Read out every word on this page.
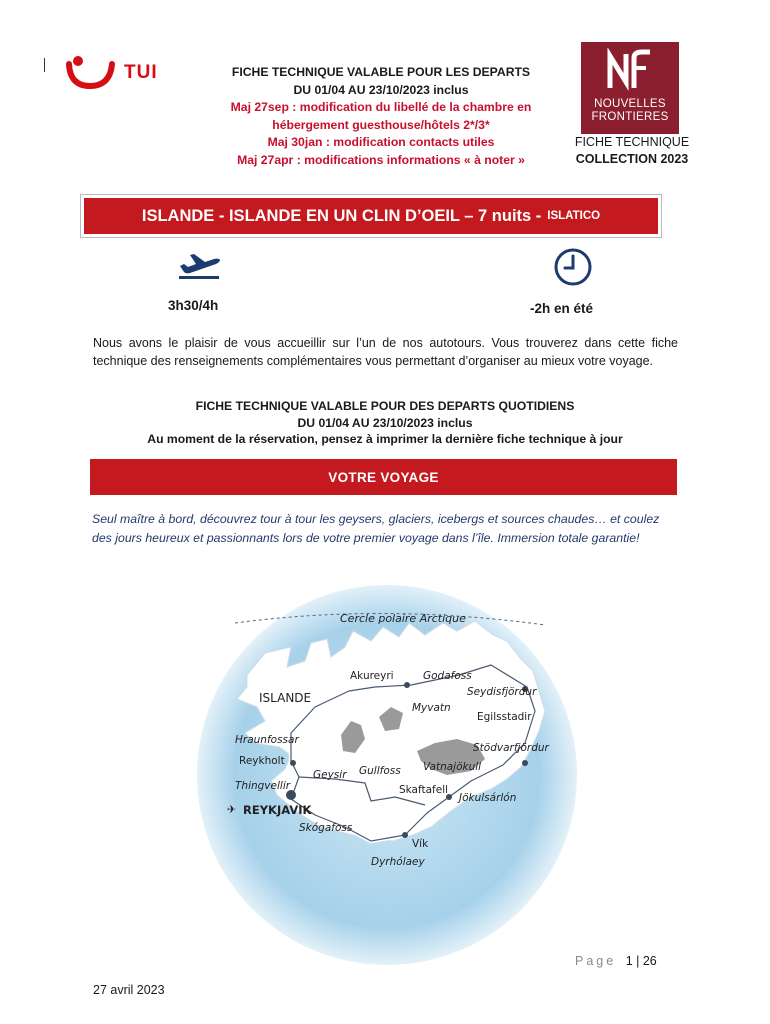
TUI	FICHE TECHNIQUE VALABLE POUR LES DEPARTS
DU 01/04 AU 23/10/2023 inclus
Maj 27sep : modification du libellé de la chambre en
hébergement guesthouse/hôtels 2*/3*
Maj 30jan : modification contacts utiles
Maj 27apr : modifications informations « à noter »
NOUVELLES
FRONTIERES
FICHE TECHNIQUE
COLLECTION 2023
ISLANDE - ISLANDE EN UN CLIN D’OEIL – 7 nuits - ISLATICO
3h30/4h	-2h en été
Nous avons le plaisir de vous accueillir sur l’un de nos autotours. Vous trouverez dans cette fiche technique des renseignements complémentaires vous permettant d’organiser au mieux votre voyage.
FICHE TECHNIQUE VALABLE POUR DES DEPARTS QUOTIDIENS
DU 01/04 AU 23/10/2023 inclus
Au moment de la réservation, pensez à imprimer la dernière fiche technique à jour
VOTRE VOYAGE
Seul maître à bord, découvrez tour à tour les geysers, glaciers, icebergs et sources chaudes… et coulez des jours heureux et passionnants lors de votre premier voyage dans l’île. Immersion totale garantie!
Cercle polaire Arctique
ISLANDE
Akureyri	Godafoss
Seydisfjördur
Myvatn
Egilsstadir
Hraunfossar
Stödvarfjördur
Reykholt	Vatnajökull
Geysir Gullfoss
Thingvellir	Skaftafell
Jökulsárlón
✈ REYKJAVIK
Skógafoss
Vík
Dyrhólaey
Page 1 | 26
27 avril 2023
